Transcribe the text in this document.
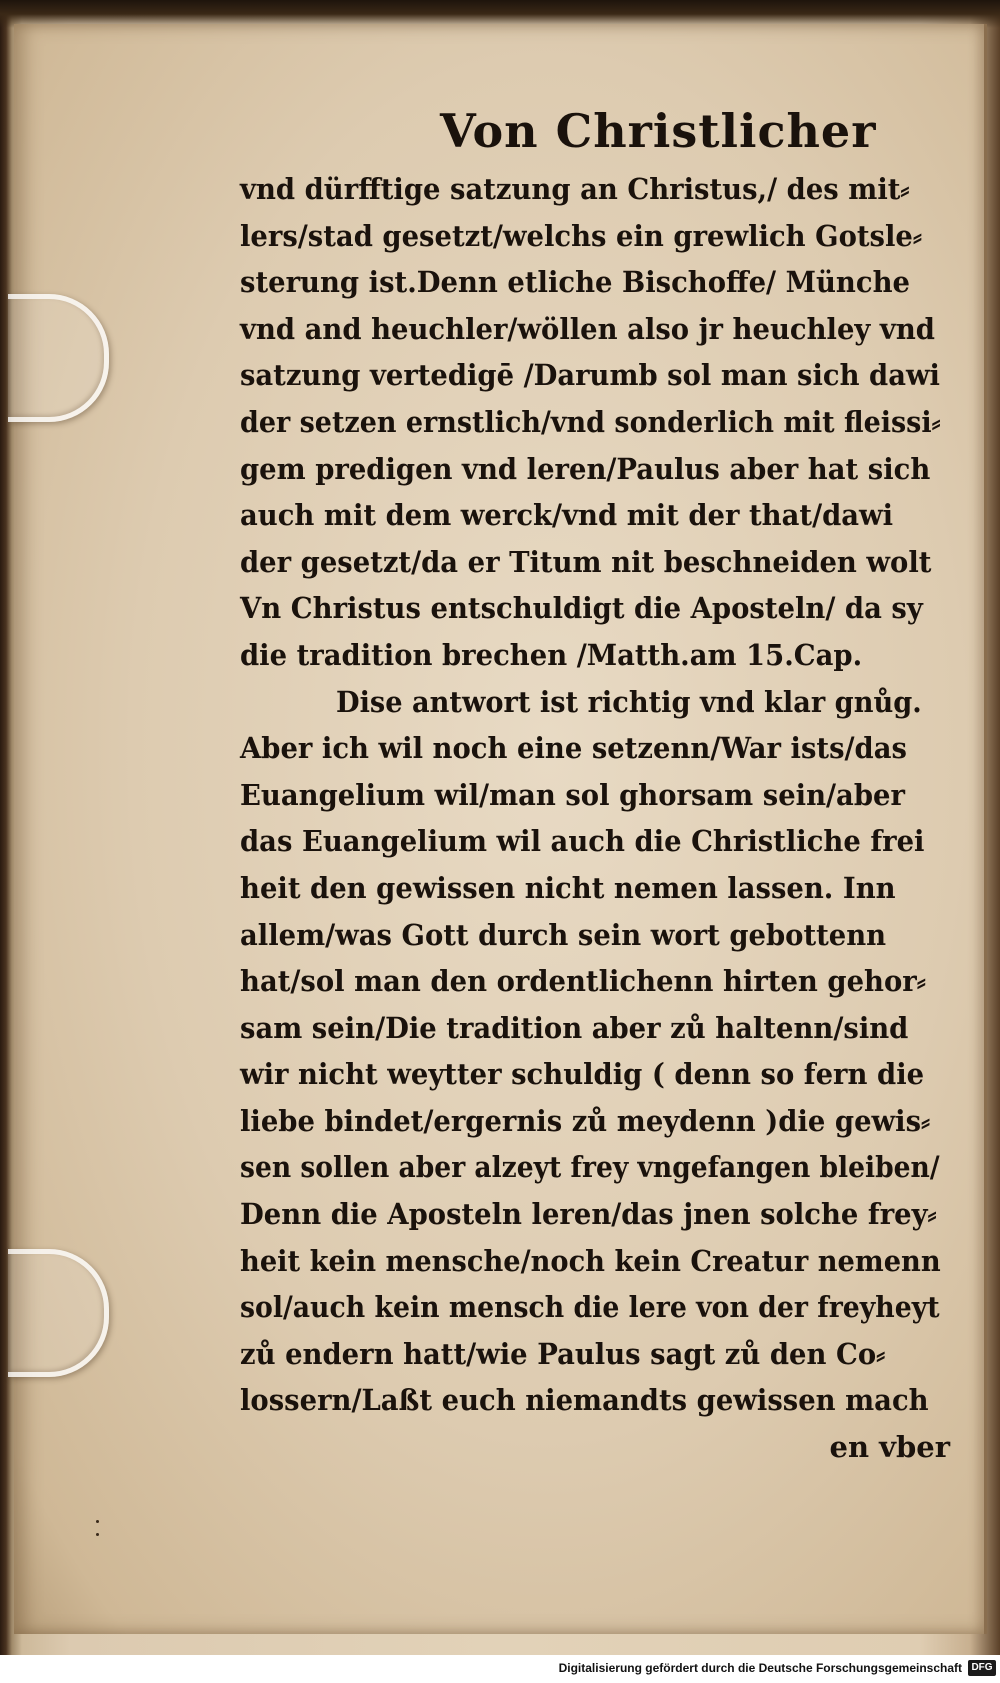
Von Christlicher
vnd dürfftige satzung an Christus,/ des mit⸗
lers/stad gesetzt/welchs ein grewlich Gotsle⸗
sterung ist.Denn etliche Bischoffe/ Münche
vnd and heuchler/wöllen also jr heuchley vnd
satzung vertedigē /Darumb sol man sich dawi
der setzen ernstlich/vnd sonderlich mit fleissi⸗
gem predigen vnd leren/Paulus aber hat sich
auch mit dem werck/vnd mit der that/dawi
der gesetzt/da er Titum nit beschneiden wolt
Vn Christus entschuldigt die Aposteln/ da sy
die tradition brechen /Matth.am 15.Cap.
Dise antwort ist richtig vnd klar gnůg.
Aber ich wil noch eine setzenn/War ists/das
Euangelium wil/man sol ghorsam sein/aber
das Euangelium wil auch die Christliche frei
heit den gewissen nicht nemen lassen. Inn
allem/was Gott durch sein wort gebottenn
hat/sol man den ordentlichenn hirten gehor⸗
sam sein/Die tradition aber zů haltenn/sind
wir nicht weytter schuldig ( denn so fern die
liebe bindet/ergernis zů meydenn )die gewis⸗
sen sollen aber alzeyt frey vngefangen bleiben/
Denn die Aposteln leren/das jnen solche frey⸗
heit kein mensche/noch kein Creatur nemenn
sol/auch kein mensch die lere von der freyheyt
zů endern hatt/wie Paulus sagt zů den Co⸗
lossern/Laßt euch niemandts gewissen mach
en vber
Digitalisierung gefördert durch die Deutsche Forschungsgemeinschaft DFG
